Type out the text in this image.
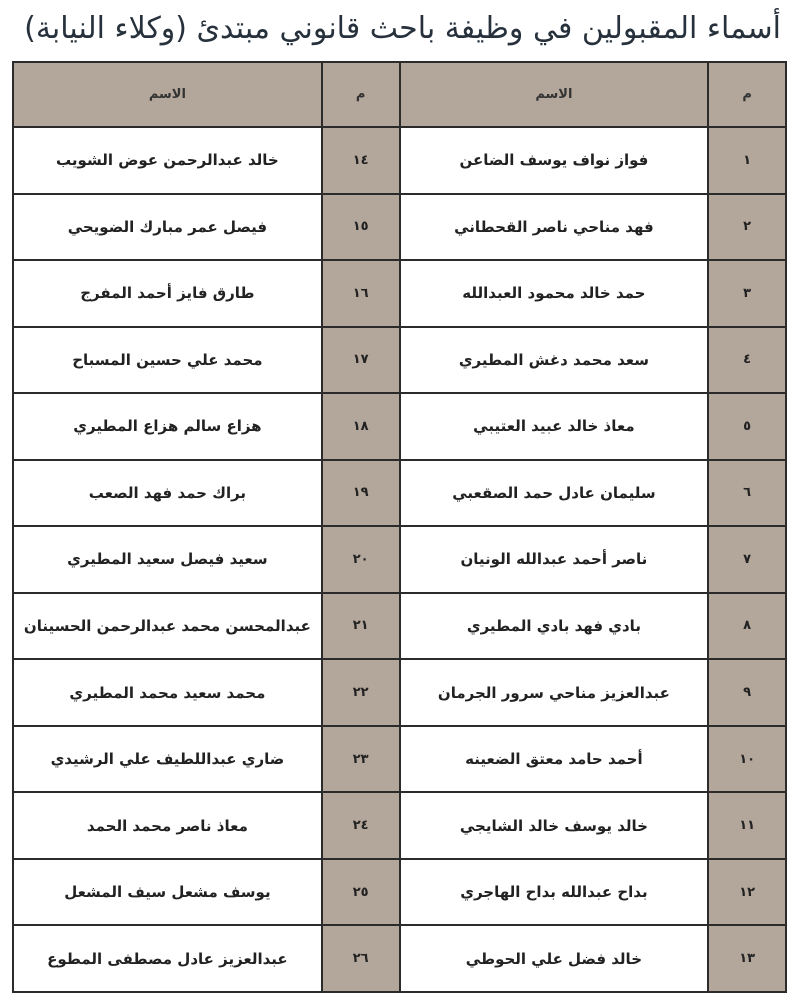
أسماء المقبولين في وظيفة باحث قانوني مبتدئ (وكلاء النيابة)
م	الاسم		م	الاسم
١	فواز نواف يوسف الضاعن		١٤	خالد عبدالرحمن عوض الشويب
٢	فهد مناحي ناصر القحطاني		١٥	فيصل عمر مبارك الضويحي
٣	حمد خالد محمود العبدالله		١٦	طارق فايز أحمد المفرج
٤	سعد محمد دغش المطيري		١٧	محمد علي حسين المسباح
٥	معاذ خالد عبيد العتيبي		١٨	هزاع سالم هزاع المطيري
٦	سليمان عادل حمد الصقعبي		١٩	براك حمد فهد الصعب
٧	ناصر أحمد عبدالله الونيان		٢٠	سعيد فيصل سعيد المطيري
٨	بادي فهد بادي المطيري		٢١	عبدالمحسن محمد عبدالرحمن الحسينان
٩	عبدالعزيز مناحي سرور الجرمان		٢٢	محمد سعيد محمد المطيري
١٠	أحمد حامد معتق الضعينه		٢٣	ضاري عبداللطيف علي الرشيدي
١١	خالد يوسف خالد الشايجي		٢٤	معاذ ناصر محمد الحمد
١٢	بداح عبدالله بداح الهاجري		٢٥	يوسف مشعل سيف المشعل
١٣	خالد فضل علي الحوطي		٢٦	عبدالعزيز عادل مصطفى المطوع
